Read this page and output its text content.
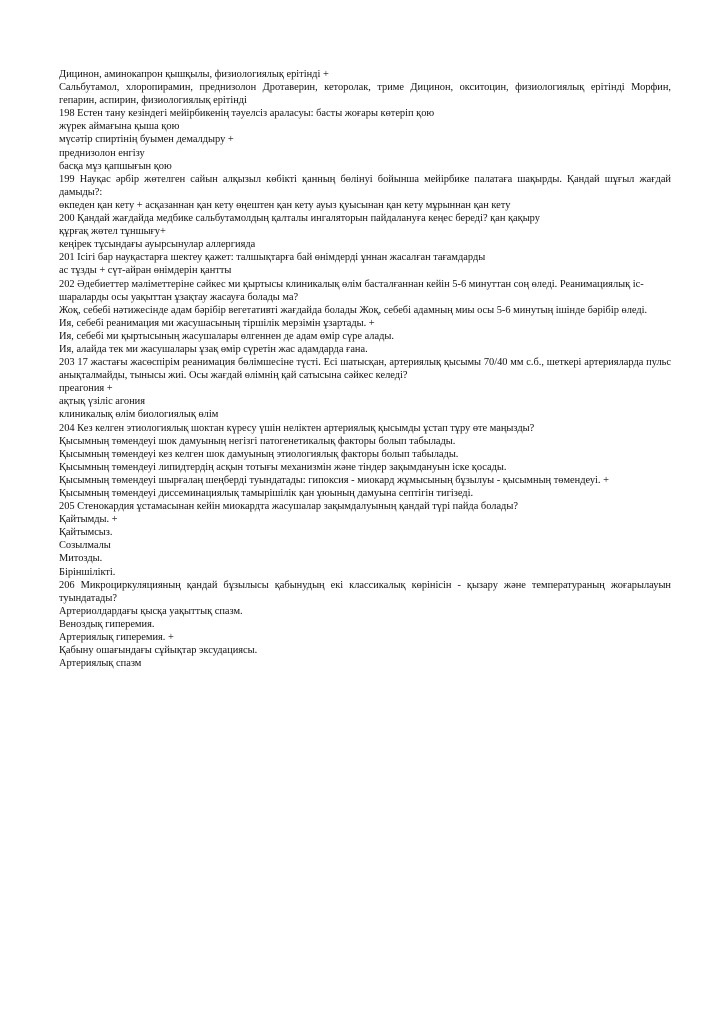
Дицинон, аминокапрон қышқылы, физиологиялық ерітінді +

Сальбутамол, хлоропирамин, преднизолон Дротаверин, кеторолак, триме Дицинон, окситоцин, физиологиялық ерітінді Морфин, гепарин, аспирин, физиологиялық ерітінді

198 Естен тану кезіндегі мейірбикенің тәуелсіз араласуы: басты жоғары көтеріп қою

жүрек аймағына қыша қою

мүсәтір спиртінің буымен демалдыру +

преднизолон енгізу

басқа мұз қапшығын қою

199 Науқас әрбір жөтелген сайын алқызыл көбікті қанның бөлінуі бойынша мейірбике палатаға шақырды. Қандай шұғыл жағдай дамыды?:

өкпеден қан кету + асқазаннан қан кету өңештен қан кету ауыз қуысынан қан кету мұрыннан қан кету

200 Қандай жағдайда медбике сальбутамолдың қалталы ингаляторын пайдалануға кеңес береді? қан қақыру

құрғақ жөтел тұншығу+

кеңірек тұсындағы ауырсынулар аллергияда

201 Ісігі бар науқастарға шектеу қажет: талшықтарға бай өнімдерді ұннан жасалған тағамдарды

ас тұзды + сүт-айран өнімдерін қантты

202 Әдебиеттер мәліметтеріне сәйкес ми қыртысы клиникалық өлім басталғаннан кейін 5-6 минуттан соң өледі. Реанимациялық іс-шараларды осы уақыттан ұзақтау жасауға болады ма?

Жоқ, себебі нәтижесінде адам бәрібір вегетативті жағдайда болады Жоқ, себебі адамның миы осы 5-6 минутың ішінде бәрібір өледі.

Ия, себебі реанимация ми жасушасының тіршілік мерзімін ұзартады. +

Ия, себебі ми қыртысының жасушалары өлгеннен де адам өмір сүре алады.

Ия, алайда тек ми жасушалары ұзақ өмір сүретін жас адамдарда ғана.

203 17 жастағы жасөспірім реанимация бөлімшесіне түсті. Есі шатысқан, артериялық қысымы 70/40 мм с.б., шеткері артерияларда пульс анықталмайды, тынысы жиі. Осы жағдай өлімнің қай сатысына сәйкес келеді?

преагония +

ақтық үзіліс агония

клиникалық өлім биологиялық өлім

204 Кез келген этиологиялық шоктан күресу үшін неліктен артериялық қысымды ұстап тұру өте маңызды?

Қысымның төмендеуі шок дамуының негізгі патогенетикалық факторы болып табылады.

Қысымның төмендеуі кез келген шок дамуының этиологиялық факторы болып табылады.

Қысымның төмендеуі липидтердің асқын тотығы механизмін және тіндер зақымдануын іске қосады.

Қысымның төмендеуі шырғалаң шеңберді туындатады: гипоксия - миокард жұмысының бұзылуы - қысымның төмендеуі. +

Қысымның төмендеуі диссеминациялық тамырішілік қан ұюының дамуына септігін тигізеді.

205 Стенокардия ұстамасынан кейін миокардта жасушалар зақымдалуының қандай түрі пайда болады?

Қайтымды. +

Қайтымсыз.

Созылмалы

Митозды.

Біріншілікті.

206 Микроциркуляцияның қандай бұзылысы қабынудың екі классикалық көрінісін - қызару және температураның жоғарылауын туындатады?

Артериолдардағы қысқа уақыттық спазм.

Веноздық гиперемия.

Артериялық гиперемия. +

Қабыну ошағындағы сұйықтар эксудациясы.

Артериялық спазм
